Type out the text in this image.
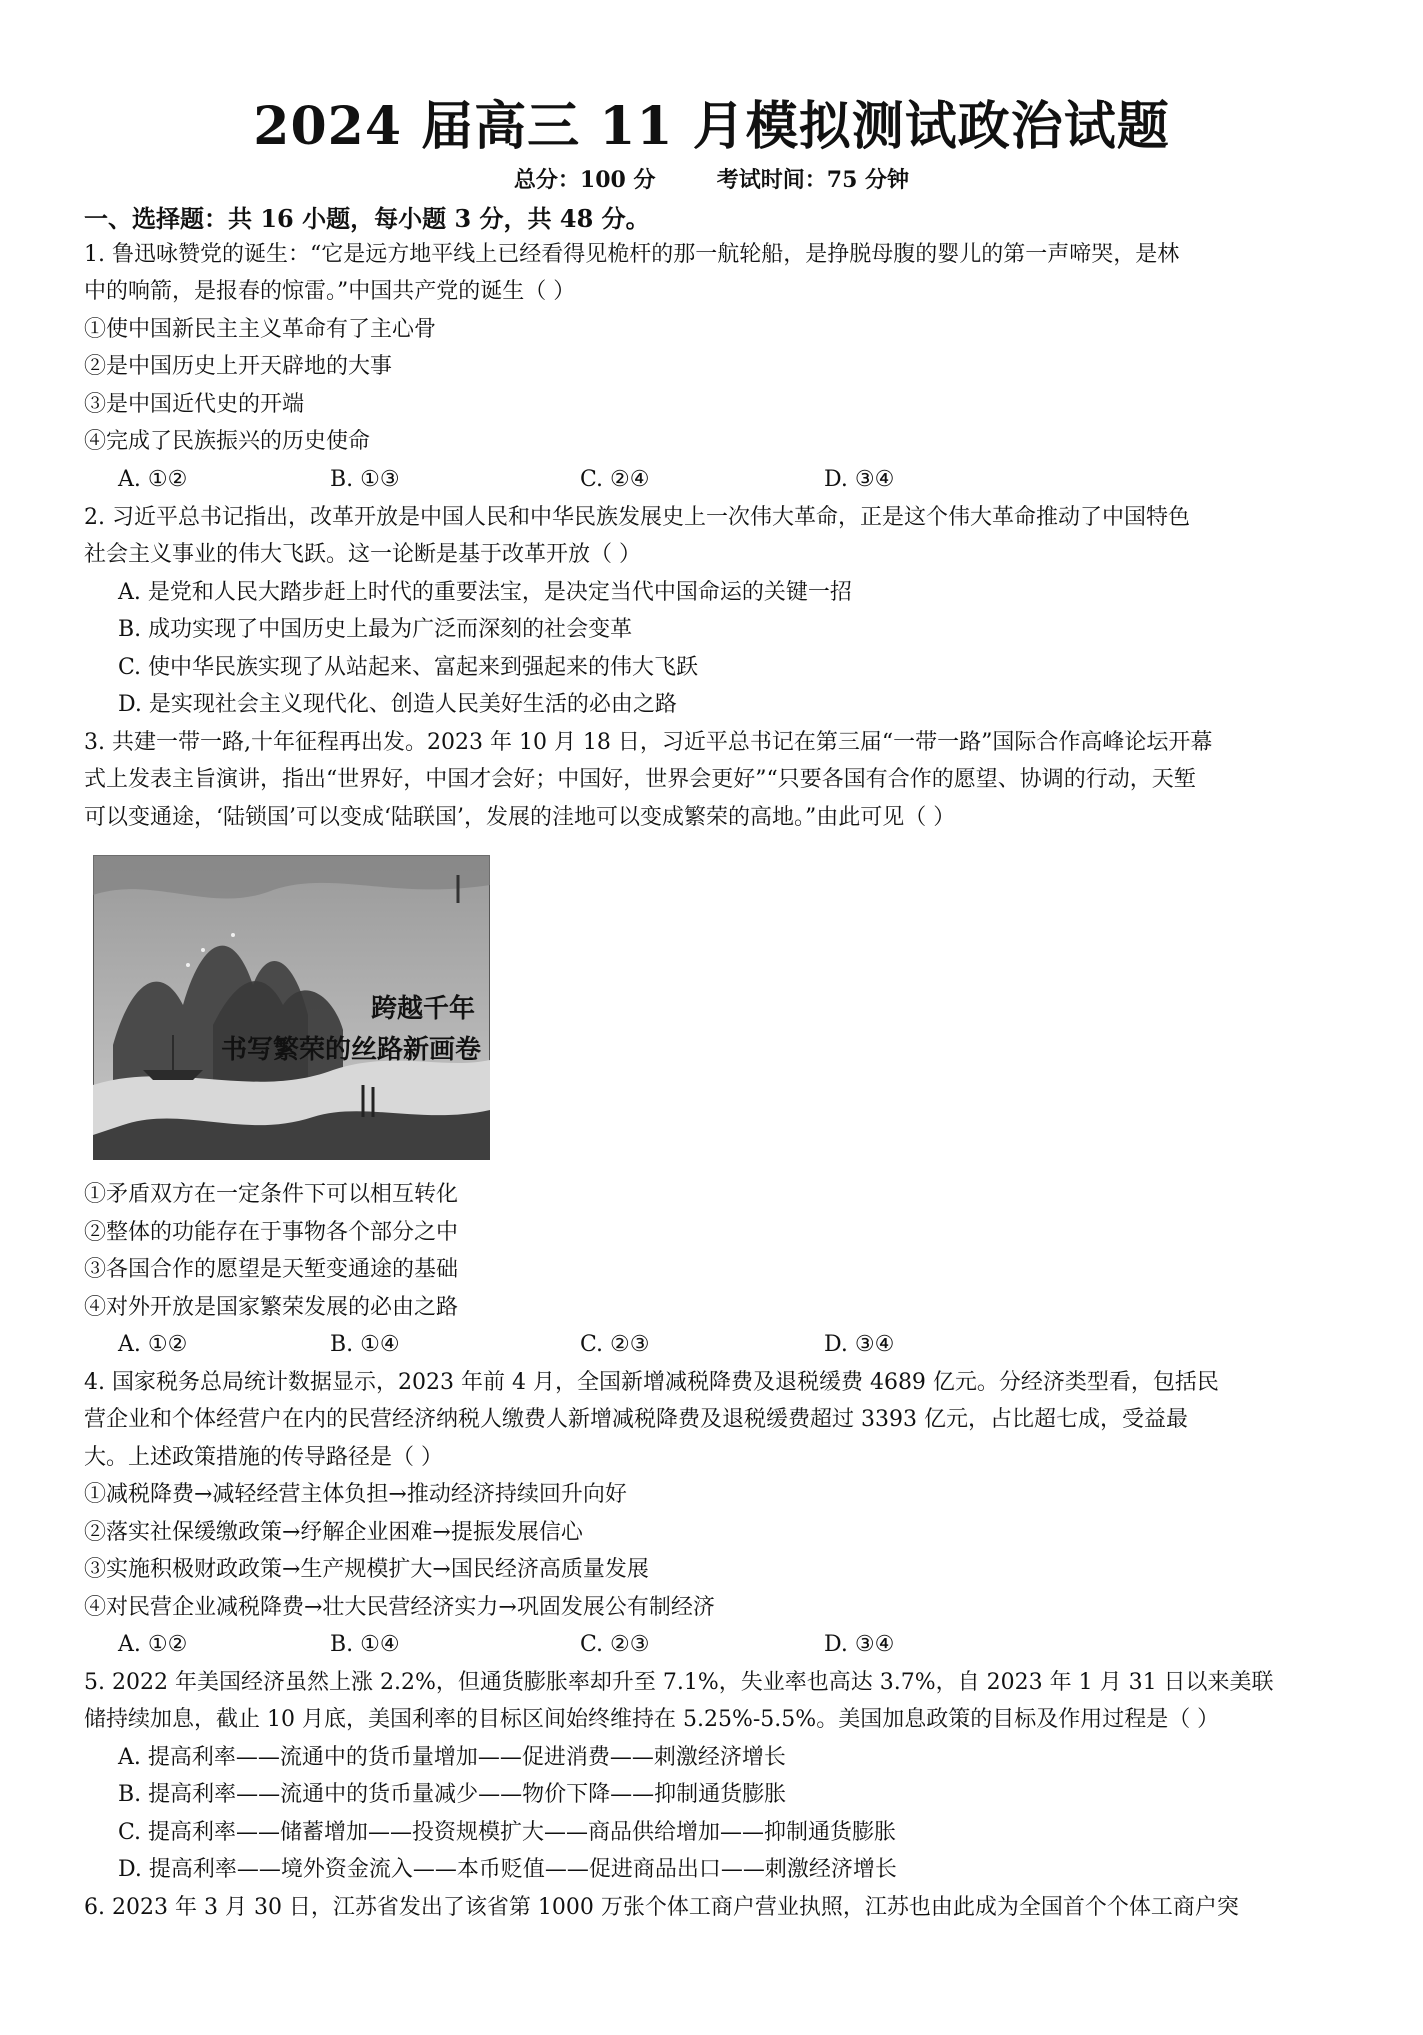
2024 届高三 11 月模拟测试政治试题
总分：100 分        考试时间：75 分钟
一、选择题：共 16 小题，每小题 3 分，共 48 分。
1. 鲁迅咏赞党的诞生：“它是远方地平线上已经看得见桅杆的那一航轮船，是挣脱母腹的婴儿的第一声啼哭，是林
中的响箭，是报春的惊雷。”中国共产党的诞生（ ）
①使中国新民主主义革命有了主心骨
②是中国历史上开天辟地的大事
③是中国近代史的开端
④完成了民族振兴的历史使命
A. ①②	B. ①③	C. ②④	D. ③④
2. 习近平总书记指出，改革开放是中国人民和中华民族发展史上一次伟大革命，正是这个伟大革命推动了中国特色
社会主义事业的伟大飞跃。这一论断是基于改革开放（ ）
A. 是党和人民大踏步赶上时代的重要法宝，是决定当代中国命运的关键一招
B. 成功实现了中国历史上最为广泛而深刻的社会变革
C. 使中华民族实现了从站起来、富起来到强起来的伟大飞跃
D. 是实现社会主义现代化、创造人民美好生活的必由之路
3. 共建一带一路,十年征程再出发。2023 年 10 月 18 日，习近平总书记在第三届“一带一路”国际合作高峰论坛开幕
式上发表主旨演讲，指出“世界好，中国才会好；中国好，世界会更好”“只要各国有合作的愿望、协调的行动，天堑
可以变通途，‘陆锁国’可以变成‘陆联国’，发展的洼地可以变成繁荣的高地。”由此可见（ ）
跨越千年
书写繁荣的丝路新画卷
①矛盾双方在一定条件下可以相互转化
②整体的功能存在于事物各个部分之中
③各国合作的愿望是天堑变通途的基础
④对外开放是国家繁荣发展的必由之路
A. ①②	B. ①④	C. ②③	D. ③④
4. 国家税务总局统计数据显示，2023 年前 4 月，全国新增减税降费及退税缓费 4689 亿元。分经济类型看，包括民
营企业和个体经营户在内的民营经济纳税人缴费人新增减税降费及退税缓费超过 3393 亿元，占比超七成，受益最
大。上述政策措施的传导路径是（ ）
①减税降费→减轻经营主体负担→推动经济持续回升向好
②落实社保缓缴政策→纾解企业困难→提振发展信心
③实施积极财政政策→生产规模扩大→国民经济高质量发展
④对民营企业减税降费→壮大民营经济实力→巩固发展公有制经济
A. ①②	B. ①④	C. ②③	D. ③④
5. 2022 年美国经济虽然上涨 2.2%，但通货膨胀率却升至 7.1%，失业率也高达 3.7%，自 2023 年 1 月 31 日以来美联
储持续加息，截止 10 月底，美国利率的目标区间始终维持在 5.25%-5.5%。美国加息政策的目标及作用过程是（ ）
A. 提高利率——流通中的货币量增加——促进消费——刺激经济增长
B. 提高利率——流通中的货币量减少——物价下降——抑制通货膨胀
C. 提高利率——储蓄增加——投资规模扩大——商品供给增加——抑制通货膨胀
D. 提高利率——境外资金流入——本币贬值——促进商品出口——刺激经济增长
6. 2023 年 3 月 30 日，江苏省发出了该省第 1000 万张个体工商户营业执照，江苏也由此成为全国首个个体工商户突
